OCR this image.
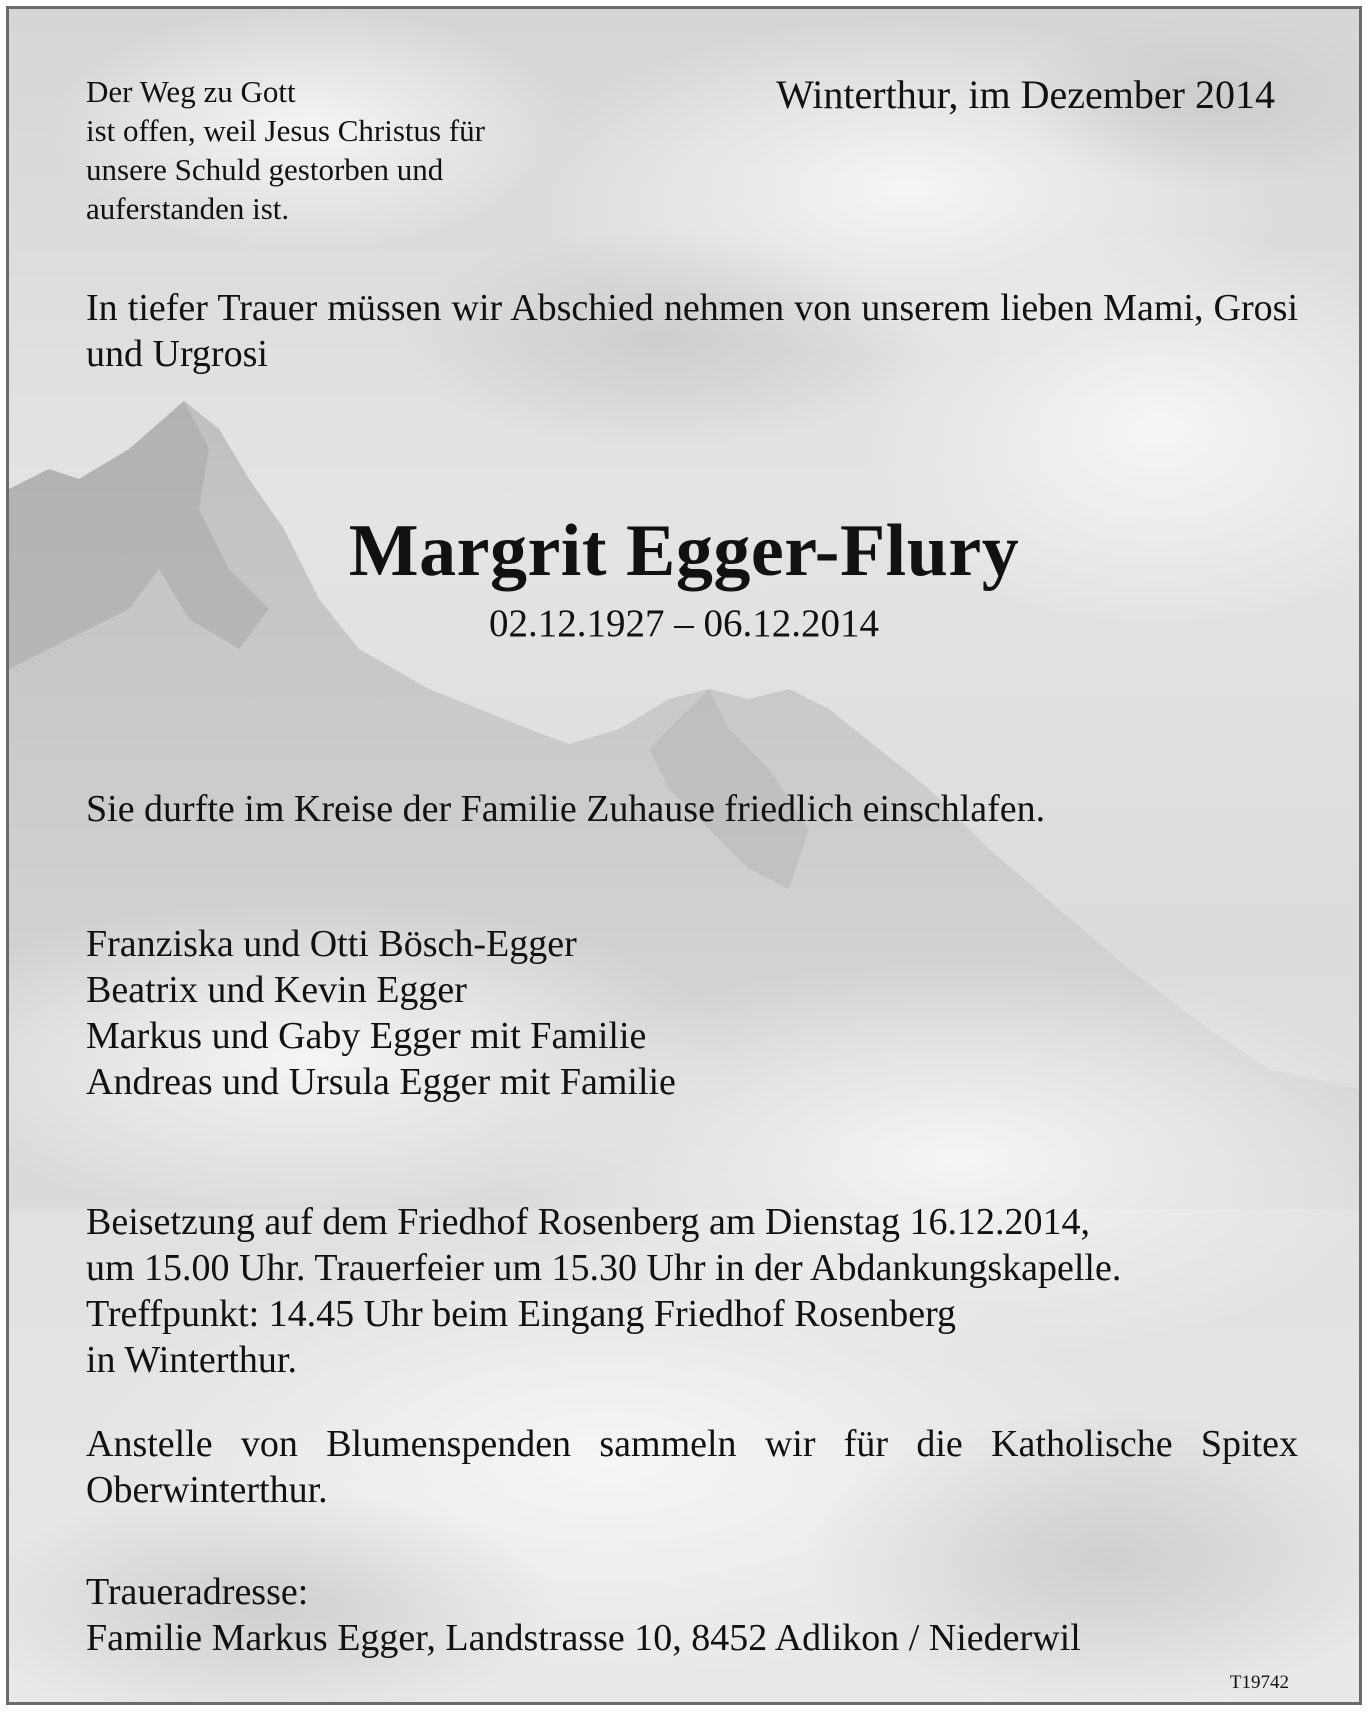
Der Weg zu Gott
ist offen, weil Jesus Christus für
unsere Schuld gestorben und
auferstanden ist.
Winterthur, im Dezember 2014
In tiefer Trauer müssen wir Abschied nehmen von unserem lieben Mami, Grosi und Urgrosi
Margrit Egger-Flury
02.12.1927 – 06.12.2014
Sie durfte im Kreise der Familie Zuhause friedlich einschlafen.
Franziska und Otti Bösch-Egger
Beatrix und Kevin Egger
Markus und Gaby Egger mit Familie
Andreas und Ursula Egger mit Familie
Beisetzung auf dem Friedhof Rosenberg am Dienstag 16.12.2014,
um 15.00 Uhr. Trauerfeier um 15.30 Uhr in der Abdankungskapelle.
Treffpunkt: 14.45 Uhr beim Eingang Friedhof Rosenberg
in Winterthur.
Anstelle von Blumenspenden sammeln wir für die Katholische Spitex Oberwinterthur.
Traueradresse:
Familie Markus Egger, Landstrasse 10, 8452 Adlikon / Niederwil
T19742
